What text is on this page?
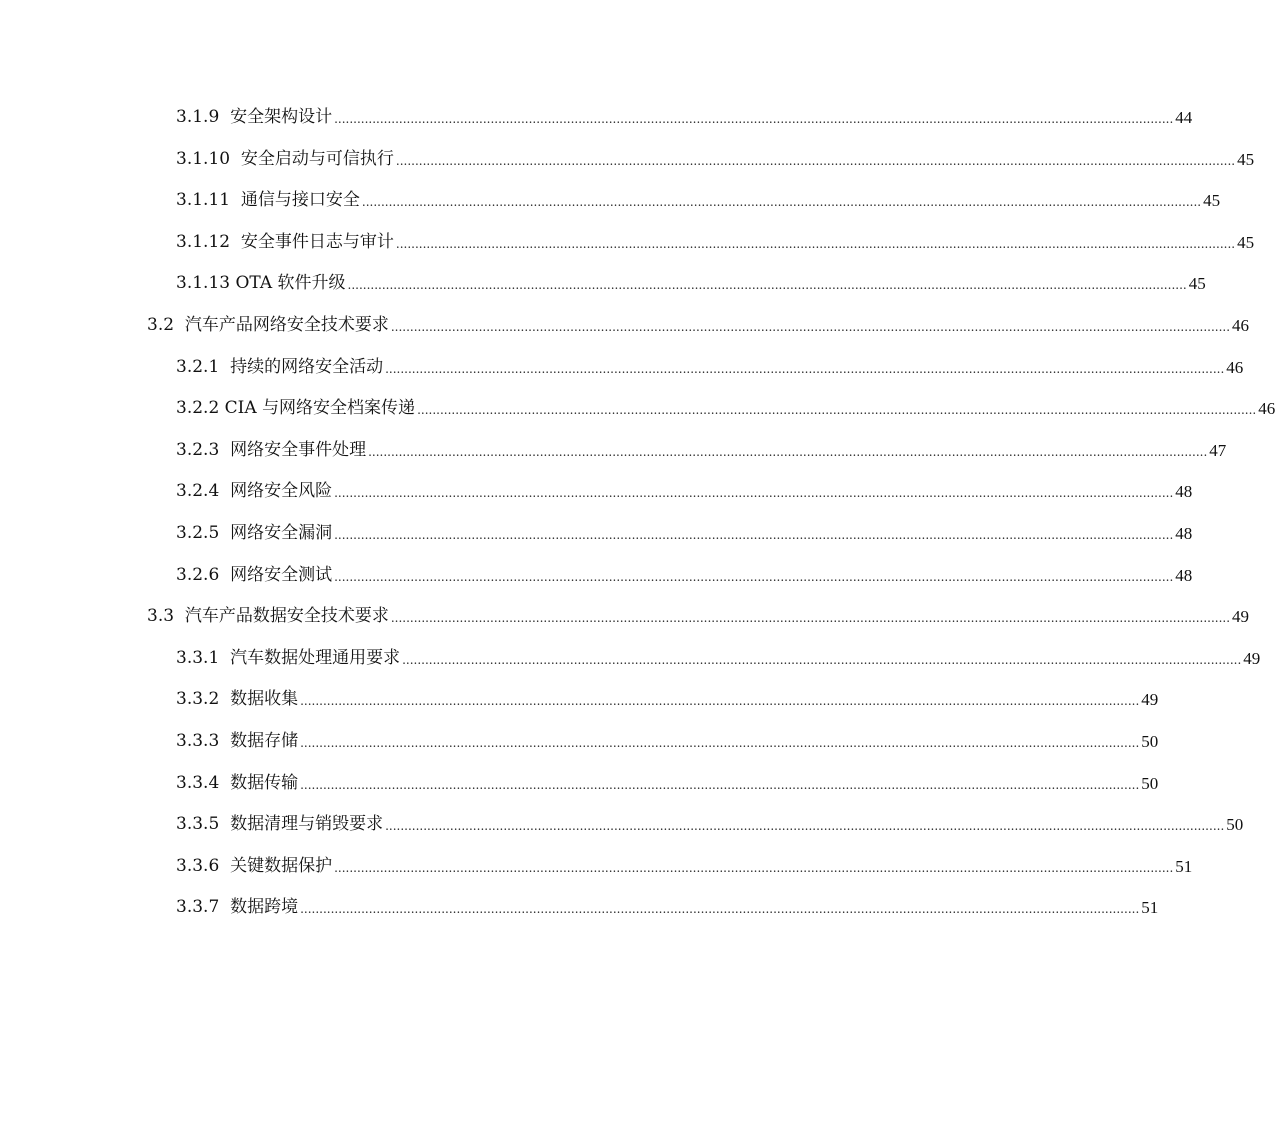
3.1.9  安全架构设计 ............................................................................................................................................................................................................................ 44
3.1.10  安全启动与可信执行 ............................................................................................................................................................................................................................ 45
3.1.11  通信与接口安全 ............................................................................................................................................................................................................................ 45
3.1.12  安全事件日志与审计 ............................................................................................................................................................................................................................ 45
3.1.13 OTA 软件升级 ............................................................................................................................................................................................................................ 45
3.2  汽车产品网络安全技术要求 ............................................................................................................................................................................................................................ 46
3.2.1  持续的网络安全活动 ............................................................................................................................................................................................................................ 46
3.2.2 CIA 与网络安全档案传递 ............................................................................................................................................................................................................................ 46
3.2.3  网络安全事件处理 ............................................................................................................................................................................................................................ 47
3.2.4  网络安全风险 ............................................................................................................................................................................................................................ 48
3.2.5  网络安全漏洞 ............................................................................................................................................................................................................................ 48
3.2.6  网络安全测试 ............................................................................................................................................................................................................................ 48
3.3  汽车产品数据安全技术要求 ............................................................................................................................................................................................................................ 49
3.3.1  汽车数据处理通用要求 ............................................................................................................................................................................................................................ 49
3.3.2  数据收集 ............................................................................................................................................................................................................................ 49
3.3.3  数据存储 ............................................................................................................................................................................................................................ 50
3.3.4  数据传输 ............................................................................................................................................................................................................................ 50
3.3.5  数据清理与销毁要求 ............................................................................................................................................................................................................................ 50
3.3.6  关键数据保护 ............................................................................................................................................................................................................................ 51
3.3.7  数据跨境 ............................................................................................................................................................................................................................ 51
